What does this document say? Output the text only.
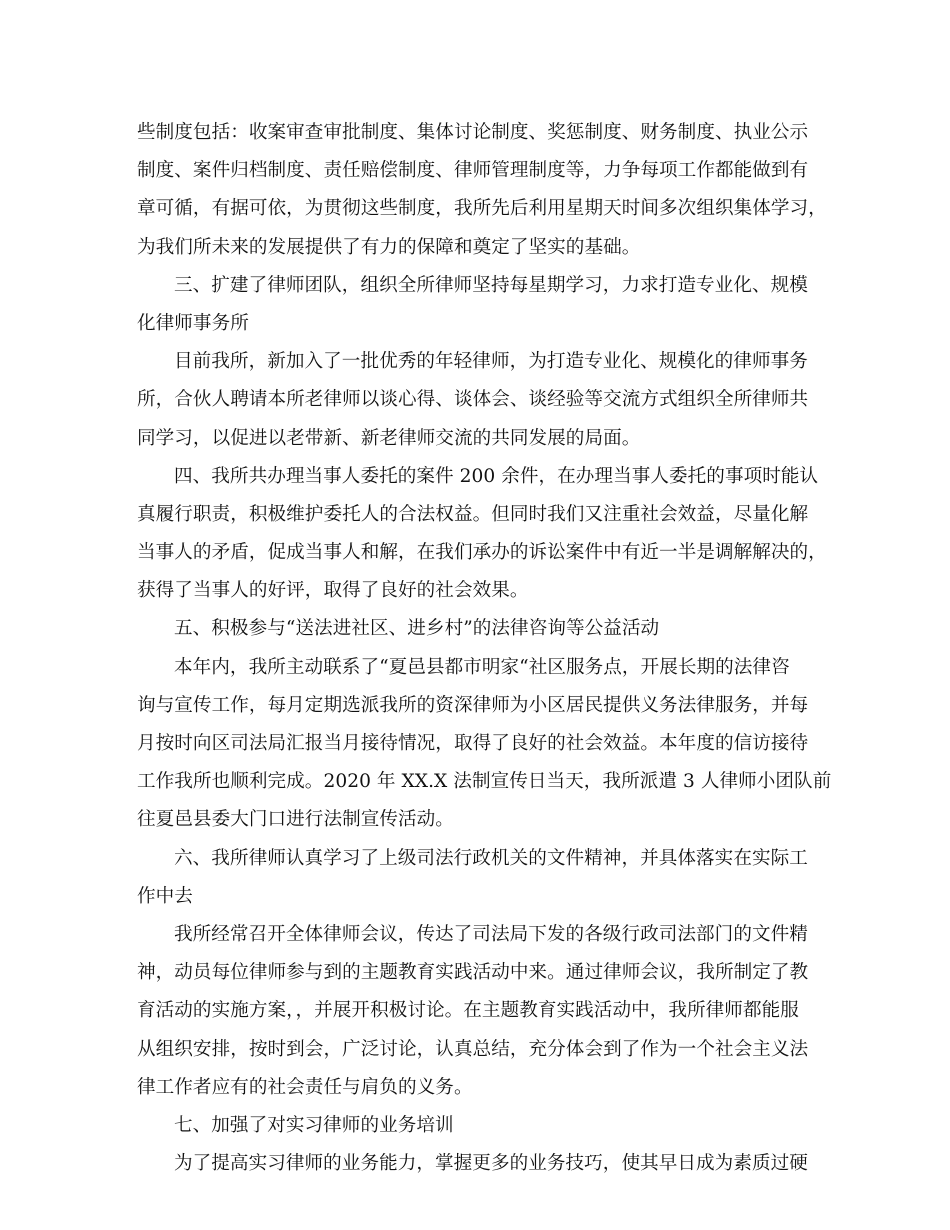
些制度包括：收案审查审批制度、集体讨论制度、奖惩制度、财务制度、执业公示

制度、案件归档制度、责任赔偿制度、律师管理制度等，力争每项工作都能做到有

章可循，有据可依，为贯彻这些制度，我所先后利用星期天时间多次组织集体学习，

为我们所未来的发展提供了有力的保障和奠定了坚实的基础。

三、扩建了律师团队，组织全所律师坚持每星期学习，力求打造专业化、规模

化律师事务所

目前我所，新加入了一批优秀的年轻律师，为打造专业化、规模化的律师事务

所，合伙人聘请本所老律师以谈心得、谈体会、谈经验等交流方式组织全所律师共

同学习，以促进以老带新、新老律师交流的共同发展的局面。

四、我所共办理当事人委托的案件 200 余件，在办理当事人委托的事项时能认

真履行职责，积极维护委托人的合法权益。但同时我们又注重社会效益，尽量化解

当事人的矛盾，促成当事人和解，在我们承办的诉讼案件中有近一半是调解解决的，

获得了当事人的好评，取得了良好的社会效果。

五、积极参与“送法进社区、进乡村”的法律咨询等公益活动

本年内，我所主动联系了“夏邑县都市明家“社区服务点，开展长期的法律咨

询与宣传工作，每月定期选派我所的资深律师为小区居民提供义务法律服务，并每

月按时向区司法局汇报当月接待情况，取得了良好的社会效益。本年度的信访接待

工作我所也顺利完成。2020 年 XX.X 法制宣传日当天，我所派遣 3 人律师小团队前

往夏邑县委大门口进行法制宣传活动。

六、我所律师认真学习了上级司法行政机关的文件精神，并具体落实在实际工

作中去

我所经常召开全体律师会议，传达了司法局下发的各级行政司法部门的文件精

神，动员每位律师参与到的主题教育实践活动中来。通过律师会议，我所制定了教

育活动的实施方案，，并展开积极讨论。在主题教育实践活动中，我所律师都能服

从组织安排，按时到会，广泛讨论，认真总结，充分体会到了作为一个社会主义法

律工作者应有的社会责任与肩负的义务。

七、加强了对实习律师的业务培训

为了提高实习律师的业务能力，掌握更多的业务技巧，使其早日成为素质过硬
